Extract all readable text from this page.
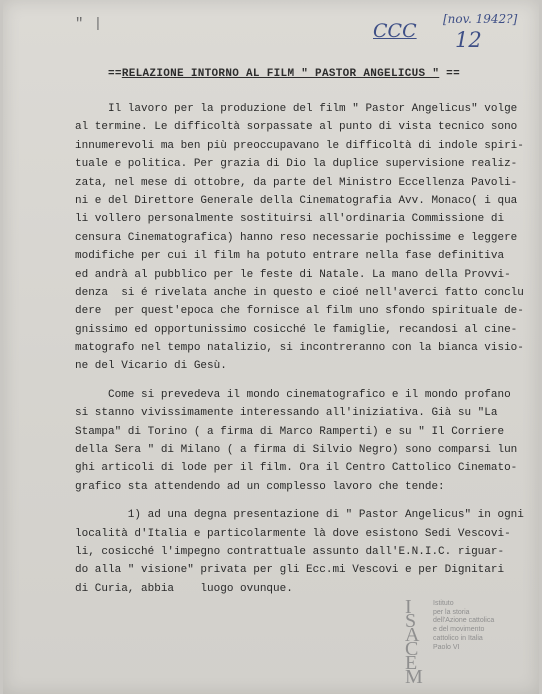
" |	CCC
[nov. 1942?]
12
==RELAZIONE INTORNO AL FILM " PASTOR ANGELICUS " ==
Il lavoro per la produzione del film " Pastor Angelicus" volge
al termine. Le difficoltà sorpassate al punto di vista tecnico sono
innumerevoli ma ben più preoccupavano le difficoltà di indole spiri-
tuale e politica. Per grazia di Dio la duplice supervisione realiz-
zata, nel mese di ottobre, da parte del Ministro Eccellenza Pavoli-
ni e del Direttore Generale della Cinematografia Avv. Monaco( i qua
li vollero personalmente sostituirsi all'ordinaria Commissione di
censura Cinematografica) hanno reso necessarie pochissime e leggere
modifiche per cui il film ha potuto entrare nella fase definitiva
ed andrà al pubblico per le feste di Natale. La mano della Provvi-
denza  si é rivelata anche in questo e cioé nell'averci fatto conclu
dere  per quest'epoca che fornisce al film uno sfondo spirituale de-
gnissimo ed opportunissimo cosicché le famiglie, recandosi al cine-
matografo nel tempo natalizio, si incontreranno con la bianca visio-
ne del Vicario di Gesù.
Come si prevedeva il mondo cinematografico e il mondo profano
si stanno vivissimamente interessando all'iniziativa. Già su "La
Stampa" di Torino ( a firma di Marco Ramperti) e su " Il Corriere
della Sera " di Milano ( a firma di Silvio Negro) sono comparsi lun
ghi articoli di lode per il film. Ora il Centro Cattolico Cinemato-
grafico sta attendendo ad un complesso lavoro che tende:
1) ad una degna presentazione di " Pastor Angelicus" in ogni
località d'Italia e particolarmente là dove esistono Sedi Vescovi-
li, cosicché l'impegno contrattuale assunto dall'E.N.I.C. riguar-
do alla " visione" privata per gli Ecc.mi Vescovi e per Dignitari
di Curia, abbia    luogo ovunque.
I
S
A
C
E
M
Istituto
per la storia
dell'Azione cattolica
e del movimento
cattolico in Italia
Paolo VI
